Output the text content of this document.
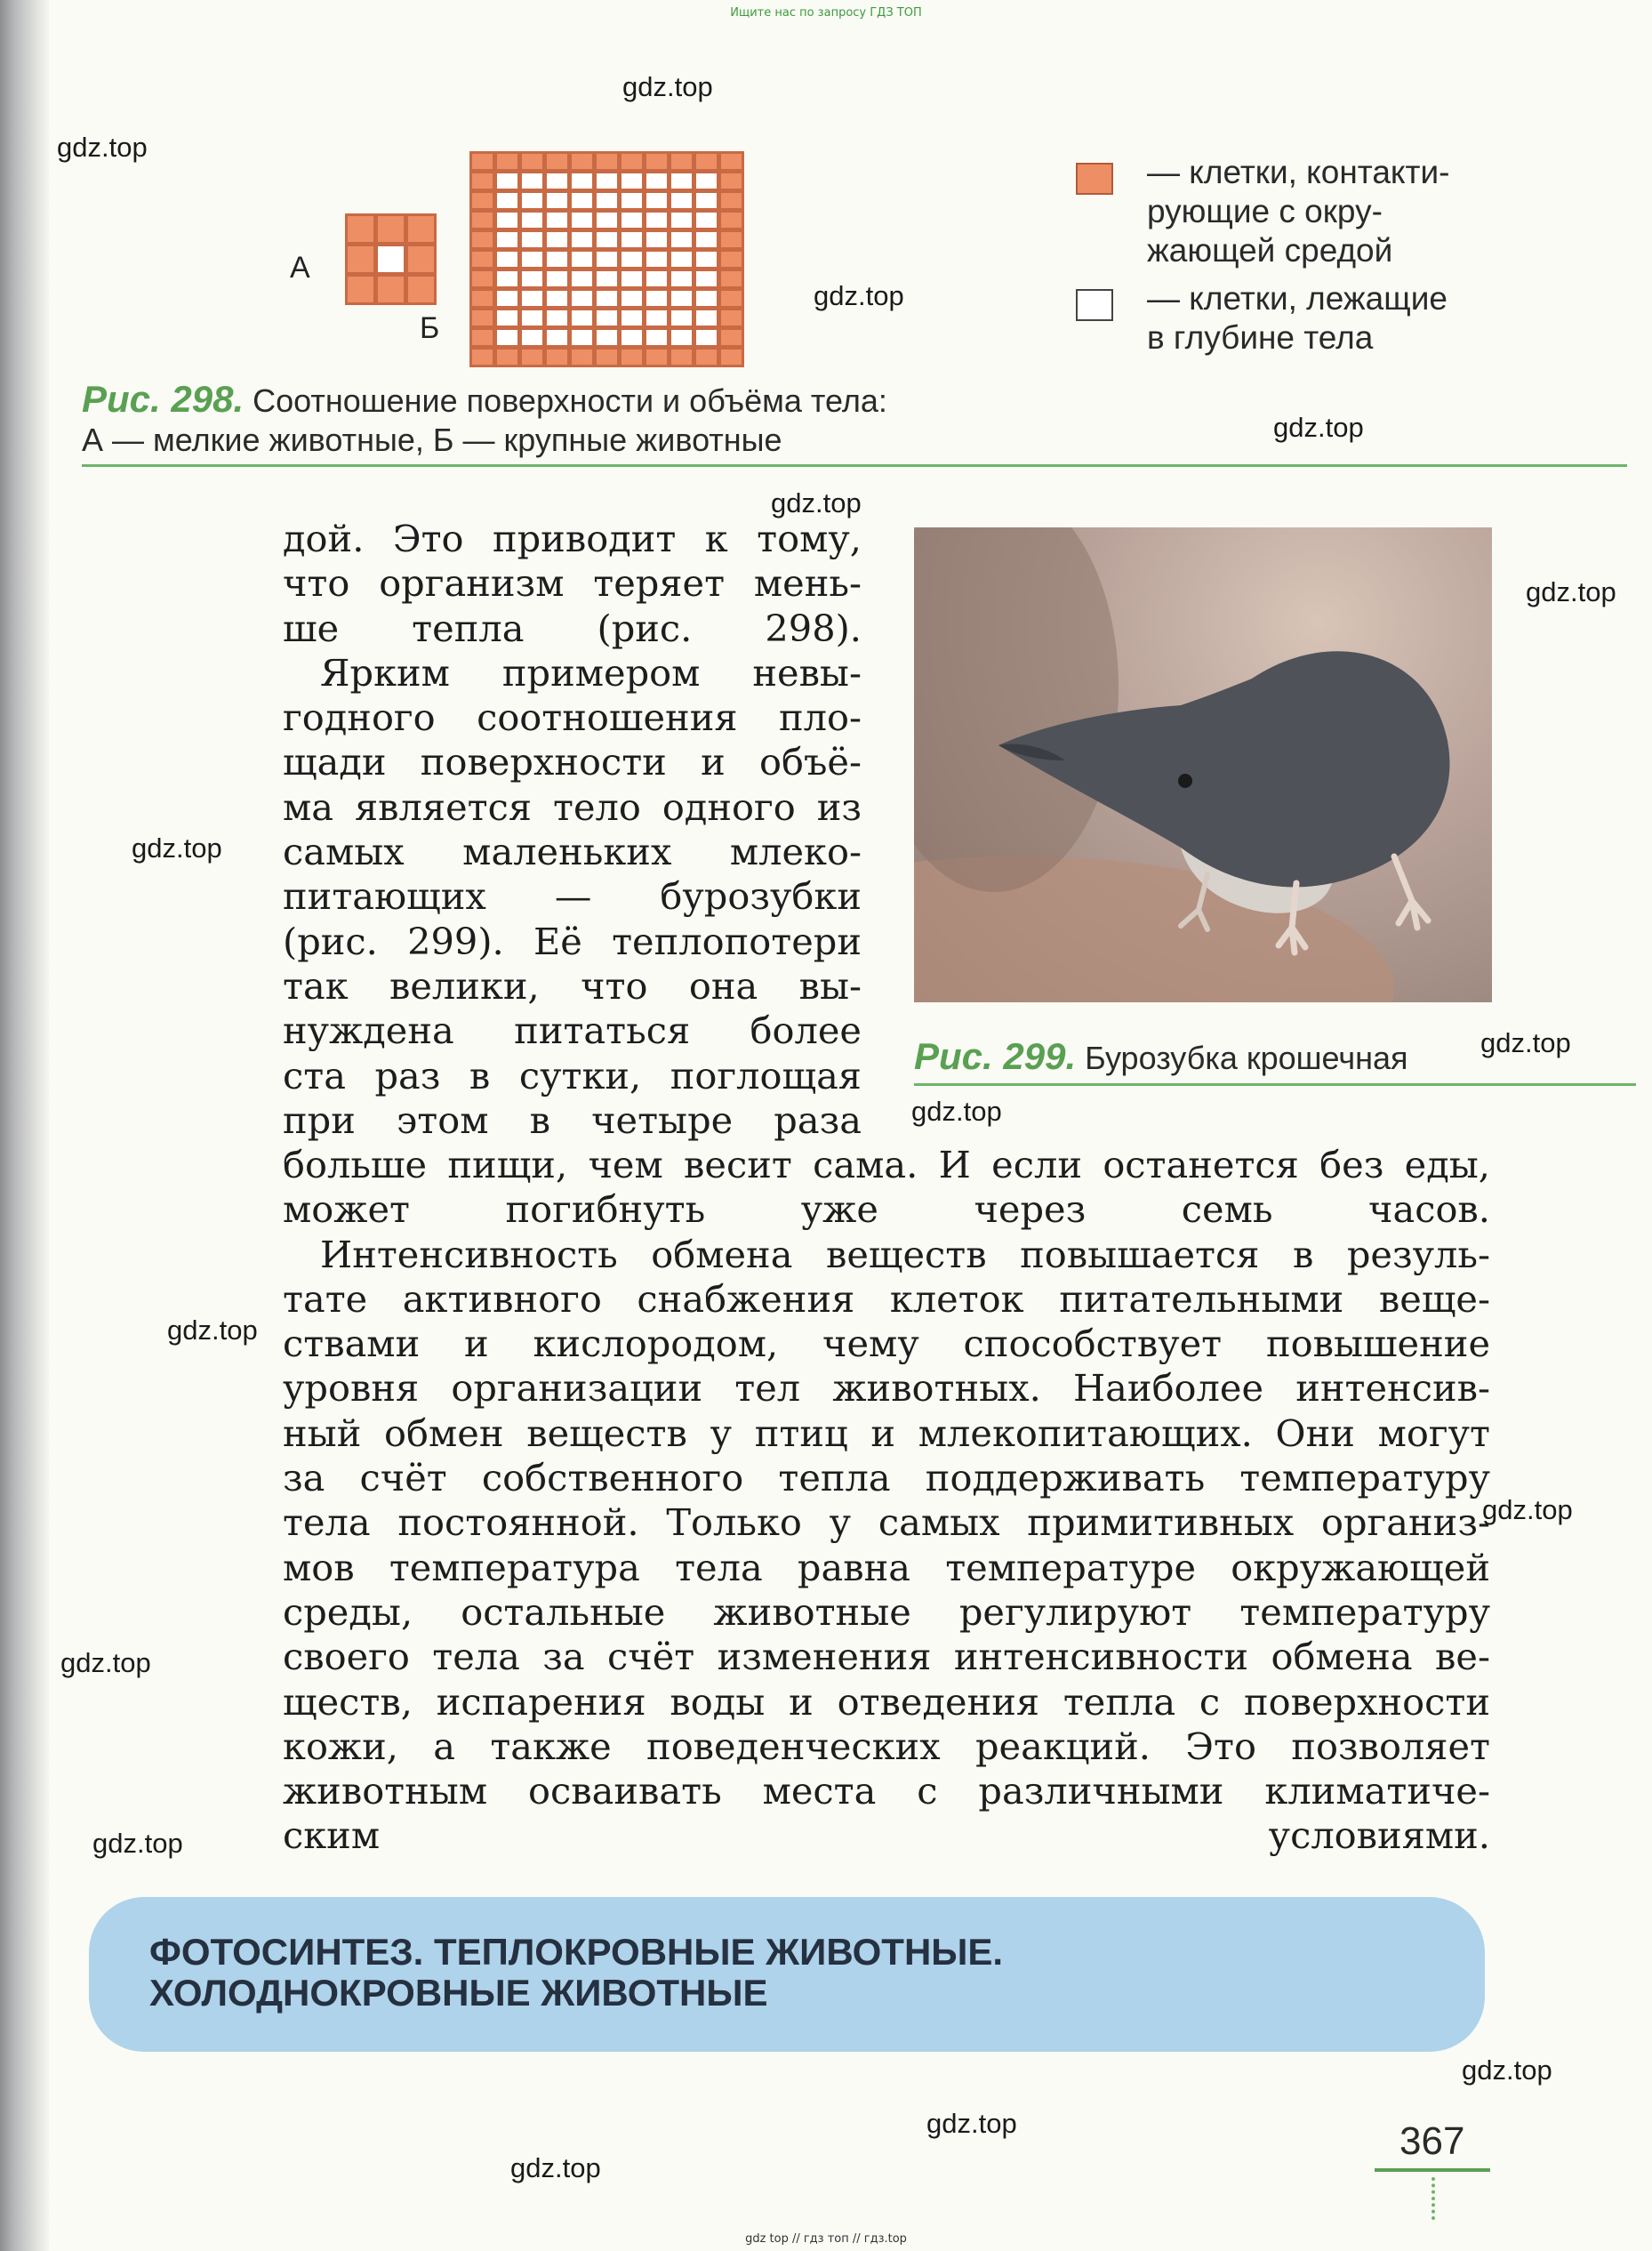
Ищите нас по запросу ГДЗ ТОП
gdz.top
gdz.top
gdz.top
gdz.top
gdz.top
gdz.top
gdz.top
gdz.top
gdz.top
gdz.top
gdz.top
gdz.top
gdz.top
gdz.top
gdz.top
gdz.top
А
Б
— клетки, контакти-
рующие с окру-
жающей средой
— клетки, лежащие
в глубине тела
Рис. 298. Соотношение поверхности и объёма тела:
А — мелкие животные, Б — крупные животные
Рис. 299. Бурозубка крошечная
дой. Это приводит к тому,
что организм теряет мень-
ше тепла (рис. 298).
Ярким примером невы-
годного соотношения пло-
щади поверхности и объё-
ма является тело одного из
самых маленьких млеко-
питающих — бурозубки
(рис. 299). Её теплопотери
так велики, что она вы-
нуждена питаться более
ста раз в сутки, поглощая
при этом в четыре раза
больше пищи, чем весит сама. И если останется без еды,
может погибнуть уже через семь часов.
Интенсивность обмена веществ повышается в резуль-
тате активного снабжения клеток питательными веще-
ствами и кислородом, чему способствует повышение
уровня организации тел животных. Наиболее интенсив-
ный обмен веществ у птиц и млекопитающих. Они могут
за счёт собственного тепла поддерживать температуру
тела постоянной. Только у самых примитивных организ-
мов температура тела равна температуре окружающей
среды, остальные животные регулируют температуру
своего тела за счёт изменения интенсивности обмена ве-
ществ, испарения воды и отведения тепла с поверхности
кожи, а также поведенческих реакций. Это позволяет
животным осваивать места с различными климатиче-
ским условиями.
ФОТОСИНТЕЗ. ТЕПЛОКРОВНЫЕ ЖИВОТНЫЕ.
ХОЛОДНОКРОВНЫЕ ЖИВОТНЫЕ
367
gdz top // гдз топ // гдз.top
